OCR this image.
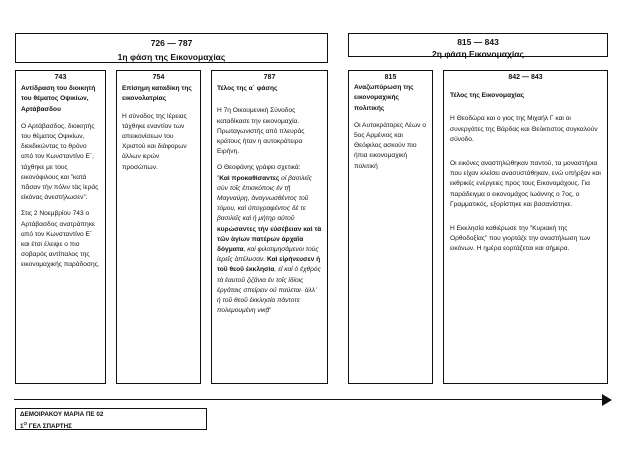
726 — 787
1η φάση της Εικονομαχίας
815 — 843
2η φάση Εικονομαχίας
743
Αντίδραση του διοικητή του θέματος Οψικίων, Αρτάβασδου

Ο Αρτάβασδος, διοικητής του θέματος Οψικίων, διεκδικώντας το θρόνο από τον Κωνσταντίνο Ε΄, τάχθηκε με τους εικονόφιλους και ”κατά πᾶσαν τὴν πόλιν τὰς ἱεράς εἰκόνας ἀνεστήλωσεν”.

Στις 2 Νοεμβρίου 743 ο Αρτάβασδος ανατράπηκε από τον Κωνσταντίνο Ε΄ και έτσι έλειψε ο πιο σοβαρός αντίπαλος της εικονομαχικής παράδοσης.

754
Επίσημη καταδίκη της εικονολατρίας

Η σύνοδος της Ιέρειας τάχθηκε εναντίον των απεικονίσεων του Χριστού και διάφορων άλλων ιερών προσώπων.

787
Τέλος της α΄ φάσης

Η 7η Οικουμενική Σύνοδος καταδίκασε την εικονομαχία. Πρωταγωνιστής από πλευράς κράτους ήταν η αυτοκράτειρα Ειρήνη.

Ο Θεοφάνης γράφει σχετικά:

”Καὶ προκαθίσαντες οἱ βασιλεῖς σὺν τοῖς ἐπισκόποις ἐν τῇ Μαγναύρῃ, ἀναγνωσθέντος τοῦ τόμου, καὶ ὑπογραφέντος δὲ τε βασιλεῖς καὶ ἡ μήτηρ αὐτοῦ κυρώσαντες τὴν εὐσέβειαν καὶ τὰ τῶν ἁγίων πατέρων ἀρχαῖα δόγματα, καὶ φιλοτιμησάμενοι τοὺς ἱερεῖς ἀπέλυσαν. Καὶ εἰρήνευσεν ἡ τοῦ θεοῦ ἐκκλησία, εἰ καὶ ὁ ἐχθρὸς τὰ ἑαυτοῦ ζιζάνια ἐν τοῖς ἰδίοις ἐργάταις σπείρειν οὐ παύεται· ἀλλ᾽ ἡ τοῦ θεοῦ ἐκκλησία πάντοτε πολεμουμένη νικᾷ”

815
Αναζωπύρωση της εικονομαχικής πολιτικής

Οι Αυτοκράτορες Λέων ο 5ος Αρμένιος και Θεόφιλος ασκούν πιο ήπια εικονομαχική πολιτική

842 — 843
Τέλος της Εικονομαχίας

Η Θεοδώρα και ο γιος της Μιχαήλ Γ και οι συνεργάτες της Βάρδας και Θεόκτιστος συγκαλούν σύνοδο.

Οι εικόνες αναστηλώθηκαν παντού, τα μοναστήρια που είχαν κλείσει ανασυστάθηκαν, ενώ υπήρξαν και εκθρικές ενέργειες προς τους Εικονομάχους. Για παράδειγμα ο εικονομάχος Ιωάννης ο 7ος, ο Γραμματικός, εξορίστηκε και βασανίστηκε.

Η Εκκλησία καθιέρωσε την ”Κυριακή της Ορθοδοξίας” που γιορτάζε την αναστήλωση των εικόνων. Η ημέρα εορτάζεται και σήμερα.

ΔΕΜΟΙΡΑΚΟΥ ΜΑΡΙΑ ΠΕ 02
$1^O$ ΓΕΛ ΣΠΑΡΤΗΣ
